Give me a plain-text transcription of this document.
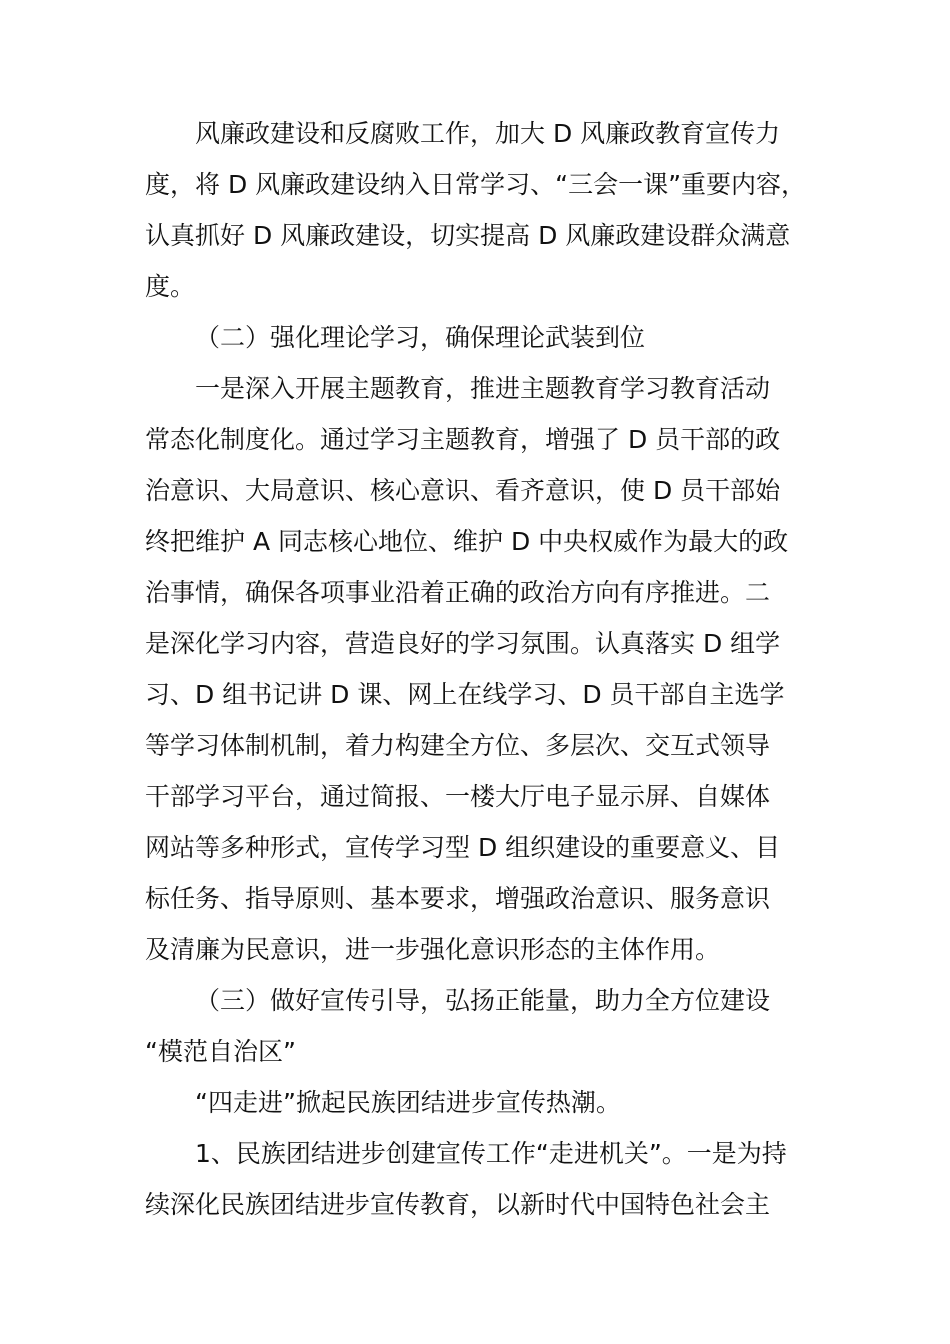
风廉政建设和反腐败工作，加大 D 风廉政教育宣传力
度，将 D 风廉政建设纳入日常学习、“三会一课”重要内容，
认真抓好 D 风廉政建设，切实提高 D 风廉政建设群众满意
度。
（二）强化理论学习，确保理论武装到位
一是深入开展主题教育，推进主题教育学习教育活动
常态化制度化。通过学习主题教育，增强了 D 员干部的政
治意识、大局意识、核心意识、看齐意识，使 D 员干部始
终把维护 A 同志核心地位、维护 D 中央权威作为最大的政
治事情，确保各项事业沿着正确的政治方向有序推进。二
是深化学习内容，营造良好的学习氛围。认真落实 D 组学
习、D 组书记讲 D 课、网上在线学习、D 员干部自主选学
等学习体制机制，着力构建全方位、多层次、交互式领导
干部学习平台，通过简报、一楼大厅电子显示屏、自媒体
网站等多种形式，宣传学习型 D 组织建设的重要意义、目
标任务、指导原则、基本要求，增强政治意识、服务意识
及清廉为民意识，进一步强化意识形态的主体作用。
（三）做好宣传引导，弘扬正能量，助力全方位建设
“模范自治区”
“四走进”掀起民族团结进步宣传热潮。
1、民族团结进步创建宣传工作“走进机关”。一是为持
续深化民族团结进步宣传教育，以新时代中国特色社会主
